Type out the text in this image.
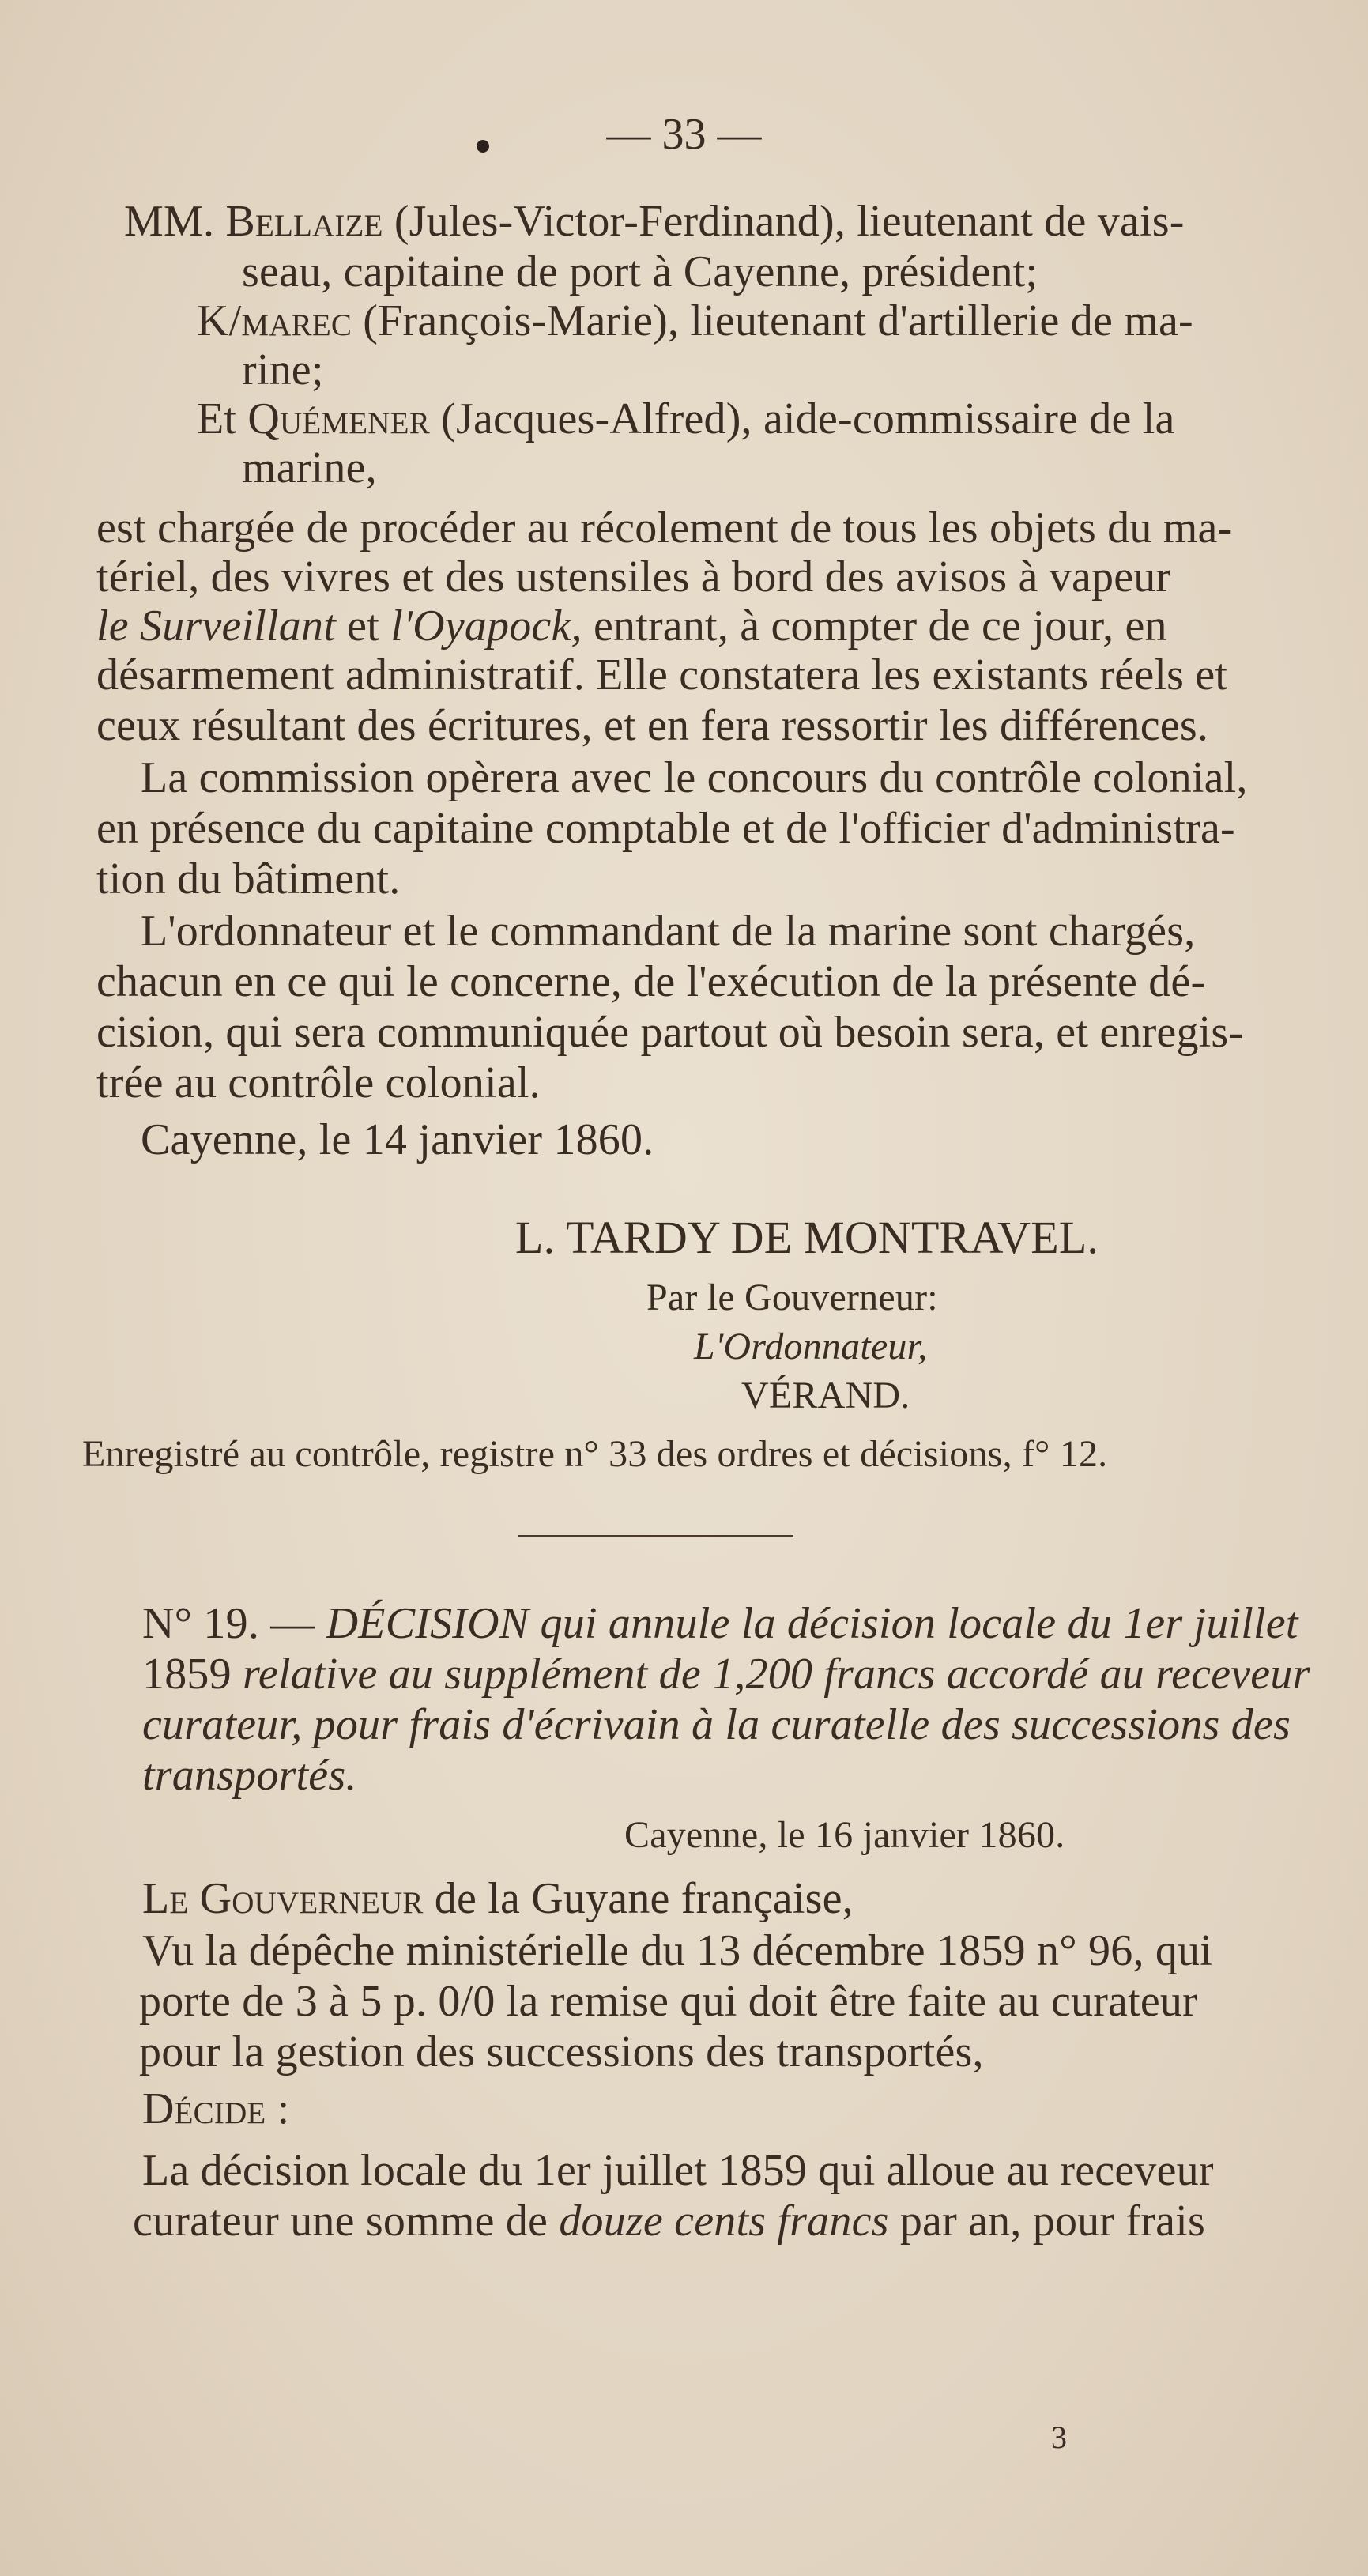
— 33 —
MM. Bellaize (Jules-Victor-Ferdinand), lieutenant de vais-
seau, capitaine de port à Cayenne, président;
K/marec (François-Marie), lieutenant d'artillerie de ma-
rine;
Et Quémener (Jacques-Alfred), aide-commissaire de la
marine,
est chargée de procéder au récolement de tous les objets du ma-
tériel, des vivres et des ustensiles à bord des avisos à vapeur
le Surveillant et l'Oyapock, entrant, à compter de ce jour, en
désarmement administratif. Elle constatera les existants réels et
ceux résultant des écritures, et en fera ressortir les différences.
La commission opèrera avec le concours du contrôle colonial,
en présence du capitaine comptable et de l'officier d'administra-
tion du bâtiment.
L'ordonnateur et le commandant de la marine sont chargés,
chacun en ce qui le concerne, de l'exécution de la présente dé-
cision, qui sera communiquée partout où besoin sera, et enregis-
trée au contrôle colonial.
Cayenne, le 14 janvier 1860.
L. TARDY DE MONTRAVEL.
Par le Gouverneur:
L'Ordonnateur,
VÉRAND.
Enregistré au contrôle, registre n° 33 des ordres et décisions, f° 12.
N° 19. — DÉCISION qui annule la décision locale du 1er juillet
1859 relative au supplément de 1,200 francs accordé au receveur
curateur, pour frais d'écrivain à la curatelle des successions des
transportés.
Cayenne, le 16 janvier 1860.
Le Gouverneur de la Guyane française,
Vu la dépêche ministérielle du 13 décembre 1859 n° 96, qui
porte de 3 à 5 p. 0/0 la remise qui doit être faite au curateur
pour la gestion des successions des transportés,
Décide :
La décision locale du 1er juillet 1859 qui alloue au receveur
curateur une somme de douze cents francs par an, pour frais
3
